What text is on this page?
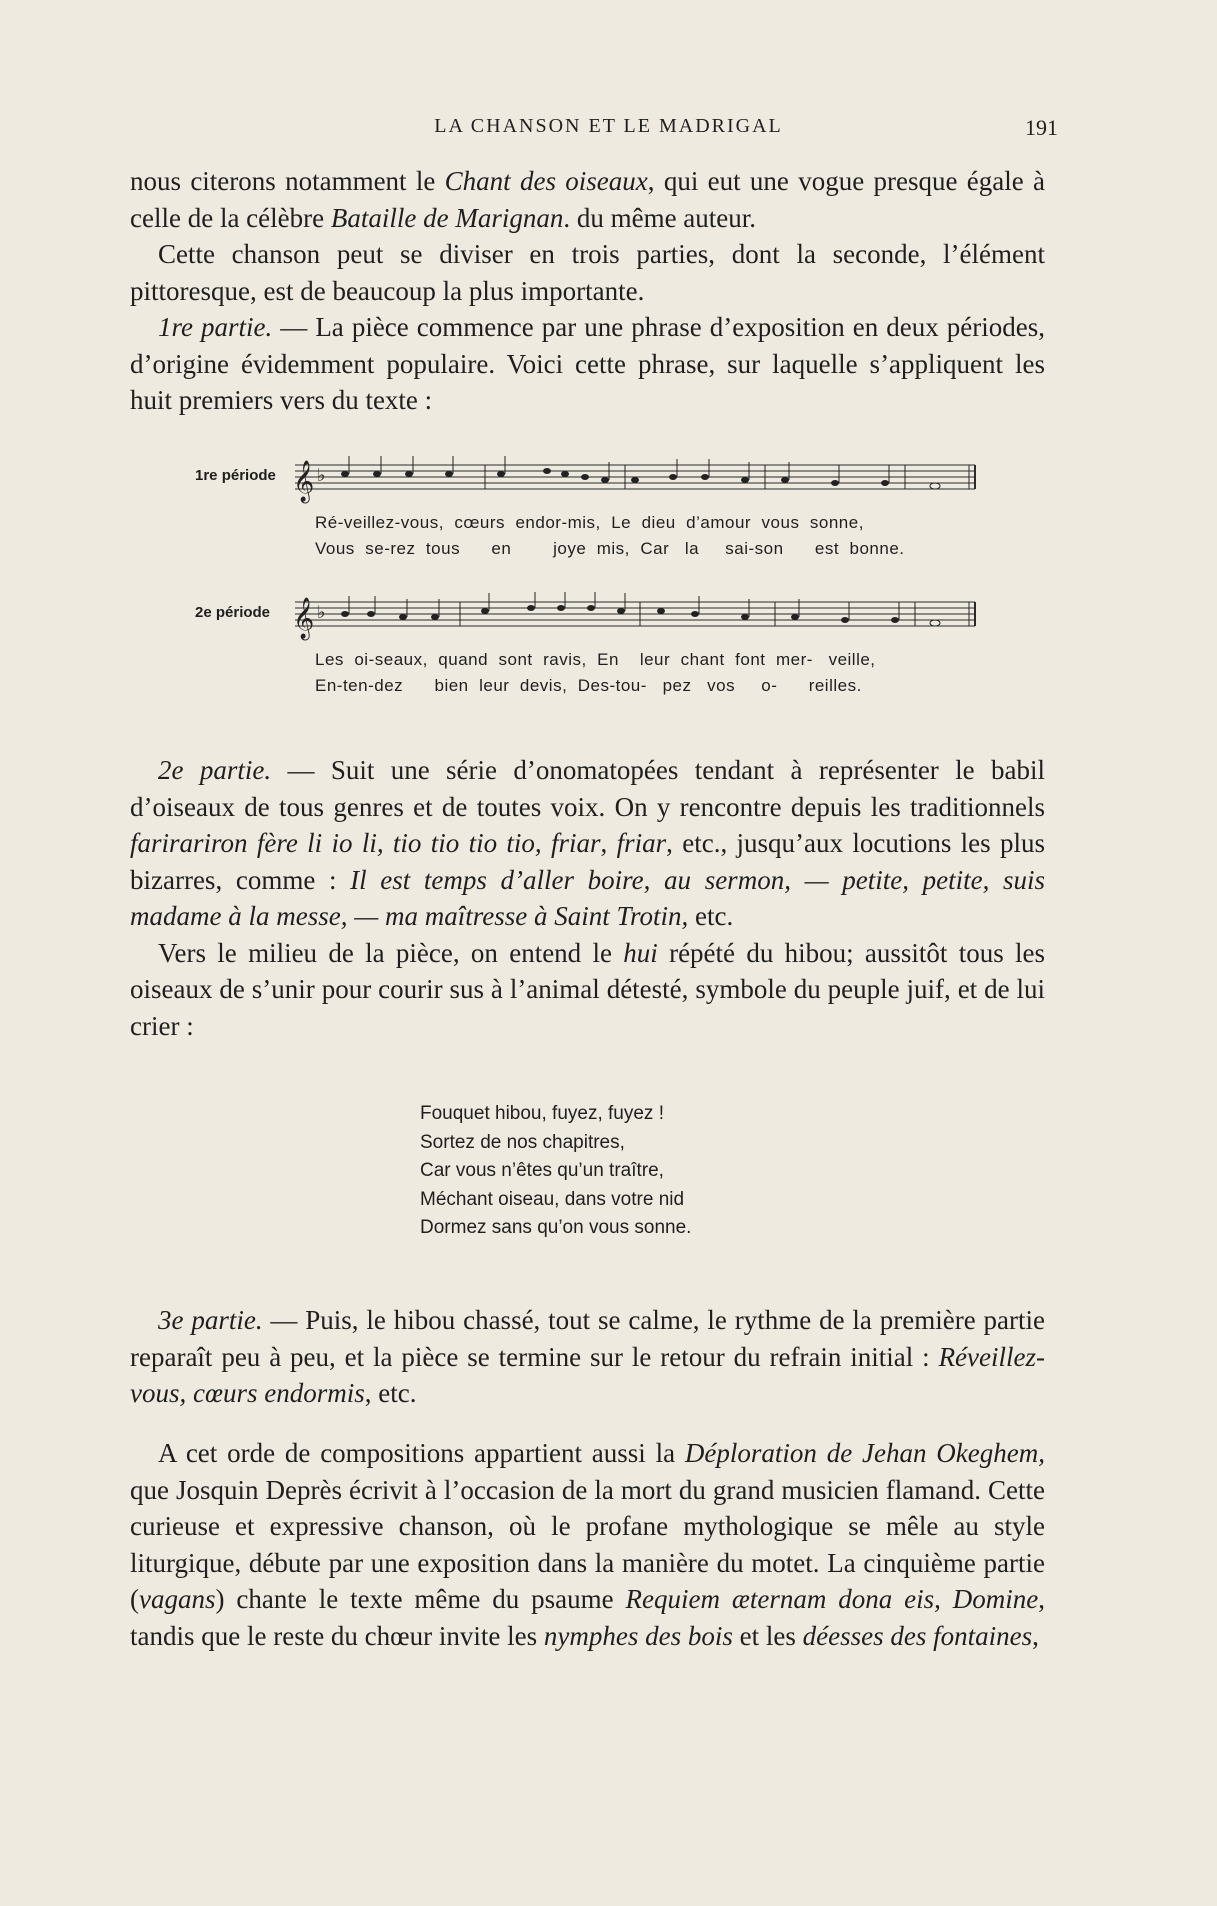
LA CHANSON ET LE MADRIGAL	191

nous citerons notamment le Chant des oiseaux, qui eut une vogue presque égale à celle de la célèbre Bataille de Marignan. du même auteur.

Cette chanson peut se diviser en trois parties, dont la seconde, l’élément pittoresque, est de beaucoup la plus importante.

1re partie. — La pièce commence par une phrase d’exposition en deux périodes, d’origine évidemment populaire. Voici cette phrase, sur laquelle s’appliquent les huit premiers vers du texte :

1re période 𝄞 ♭
Ré-veillez-vous,  cœurs  endor-mis,  Le  dieu  d’amour  vous  sonne,
Vous  se-rez  tous      en        joye  mis,  Car   la     sai-son      est  bonne.
2e période 𝄞 ♭
Les  oi-seaux,  quand  sont  ravis,  En    leur  chant  font  mer-   veille,
En-ten-dez      bien  leur  devis,  Des-tou-   pez   vos     o-      reilles.

2e partie. — Suit une série d’onomatopées tendant à représenter le babil d’oiseaux de tous genres et de toutes voix. On y rencontre depuis les traditionnels farirariron fère li io li, tio tio tio tio, friar, friar, etc., jusqu’aux locutions les plus bizarres, comme : Il est temps d’aller boire, au sermon, — petite, petite, suis madame à la messe, — ma maîtresse à Saint Trotin, etc.

Vers le milieu de la pièce, on entend le hui répété du hibou; aussitôt tous les oiseaux de s’unir pour courir sus à l’animal détesté, symbole du peuple juif, et de lui crier :

Fouquet hibou, fuyez, fuyez !
Sortez de nos chapitres,
Car vous n’êtes qu’un traître,
Méchant oiseau, dans votre nid
Dormez sans qu’on vous sonne.

3e partie. — Puis, le hibou chassé, tout se calme, le rythme de la première partie reparaît peu à peu, et la pièce se termine sur le retour du refrain initial : Réveillez-vous, cœurs endormis, etc.

A cet orde de compositions appartient aussi la Déploration de Jehan Okeghem, que Josquin Deprès écrivit à l’occasion de la mort du grand musicien flamand. Cette curieuse et expressive chanson, où le profane mythologique se mêle au style liturgique, débute par une exposition dans la manière du motet. La cinquième partie (vagans) chante le texte même du psaume Requiem æternam dona eis, Domine, tandis que le reste du chœur invite les nymphes des bois et les déesses des fontaines,
